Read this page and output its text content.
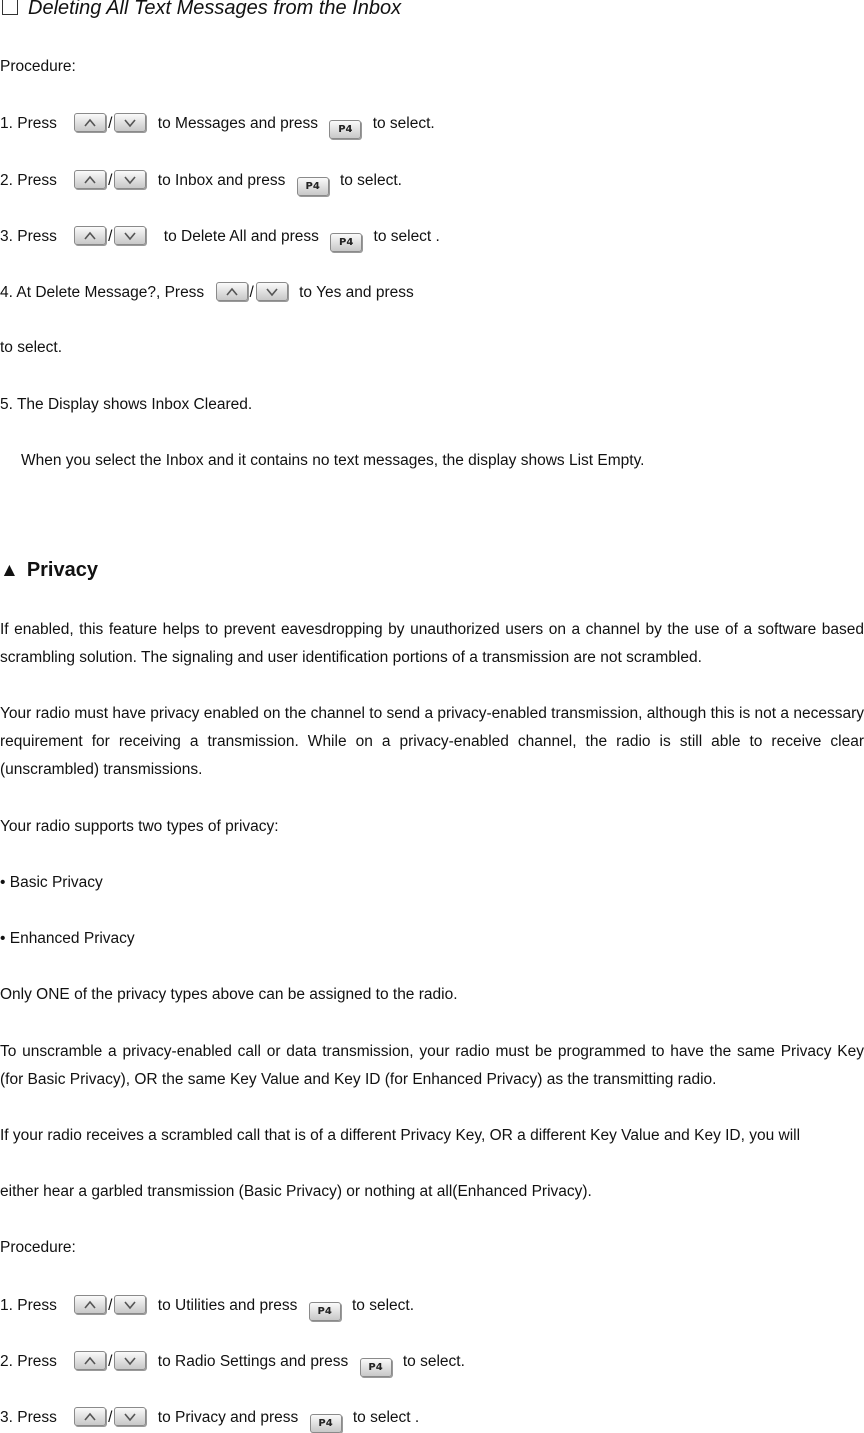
Deleting All Text Messages from the Inbox
Procedure:
1. Press	/	to Messages and press P4 to select.
2. Press	/	to Inbox and press P4 to select.
3. Press	/	to Delete All and press P4 to select .
4. At Delete Message?, Press	/	to Yes and press
to select.
5. The Display shows Inbox Cleared.
When you select the Inbox and it contains no text messages, the display shows List Empty.
▲ Privacy

If enabled, this feature helps to prevent eavesdropping by unauthorized users on a channel by the use of a software based scrambling solution. The signaling and user identification portions of a transmission are not scrambled.

Your radio must have privacy enabled on the channel to send a privacy-enabled transmission, although this is not a necessary requirement for receiving a transmission. While on a privacy-enabled channel, the radio is still able to receive clear (unscrambled) transmissions.

Your radio supports two types of privacy:
• Basic Privacy
• Enhanced Privacy
Only ONE of the privacy types above can be assigned to the radio.

To unscramble a privacy-enabled call or data transmission, your radio must be programmed to have the same Privacy Key (for Basic Privacy), OR the same Key Value and Key ID (for Enhanced Privacy) as the transmitting radio.

If your radio receives a scrambled call that is of a different Privacy Key, OR a different Key Value and Key ID, you will
either hear a garbled transmission (Basic Privacy) or nothing at all(Enhanced Privacy).
Procedure:
1. Press	/	to Utilities and press P4 to select.
2. Press	/	to Radio Settings and press P4 to select.
3. Press	/	to Privacy and press P4 to select .
